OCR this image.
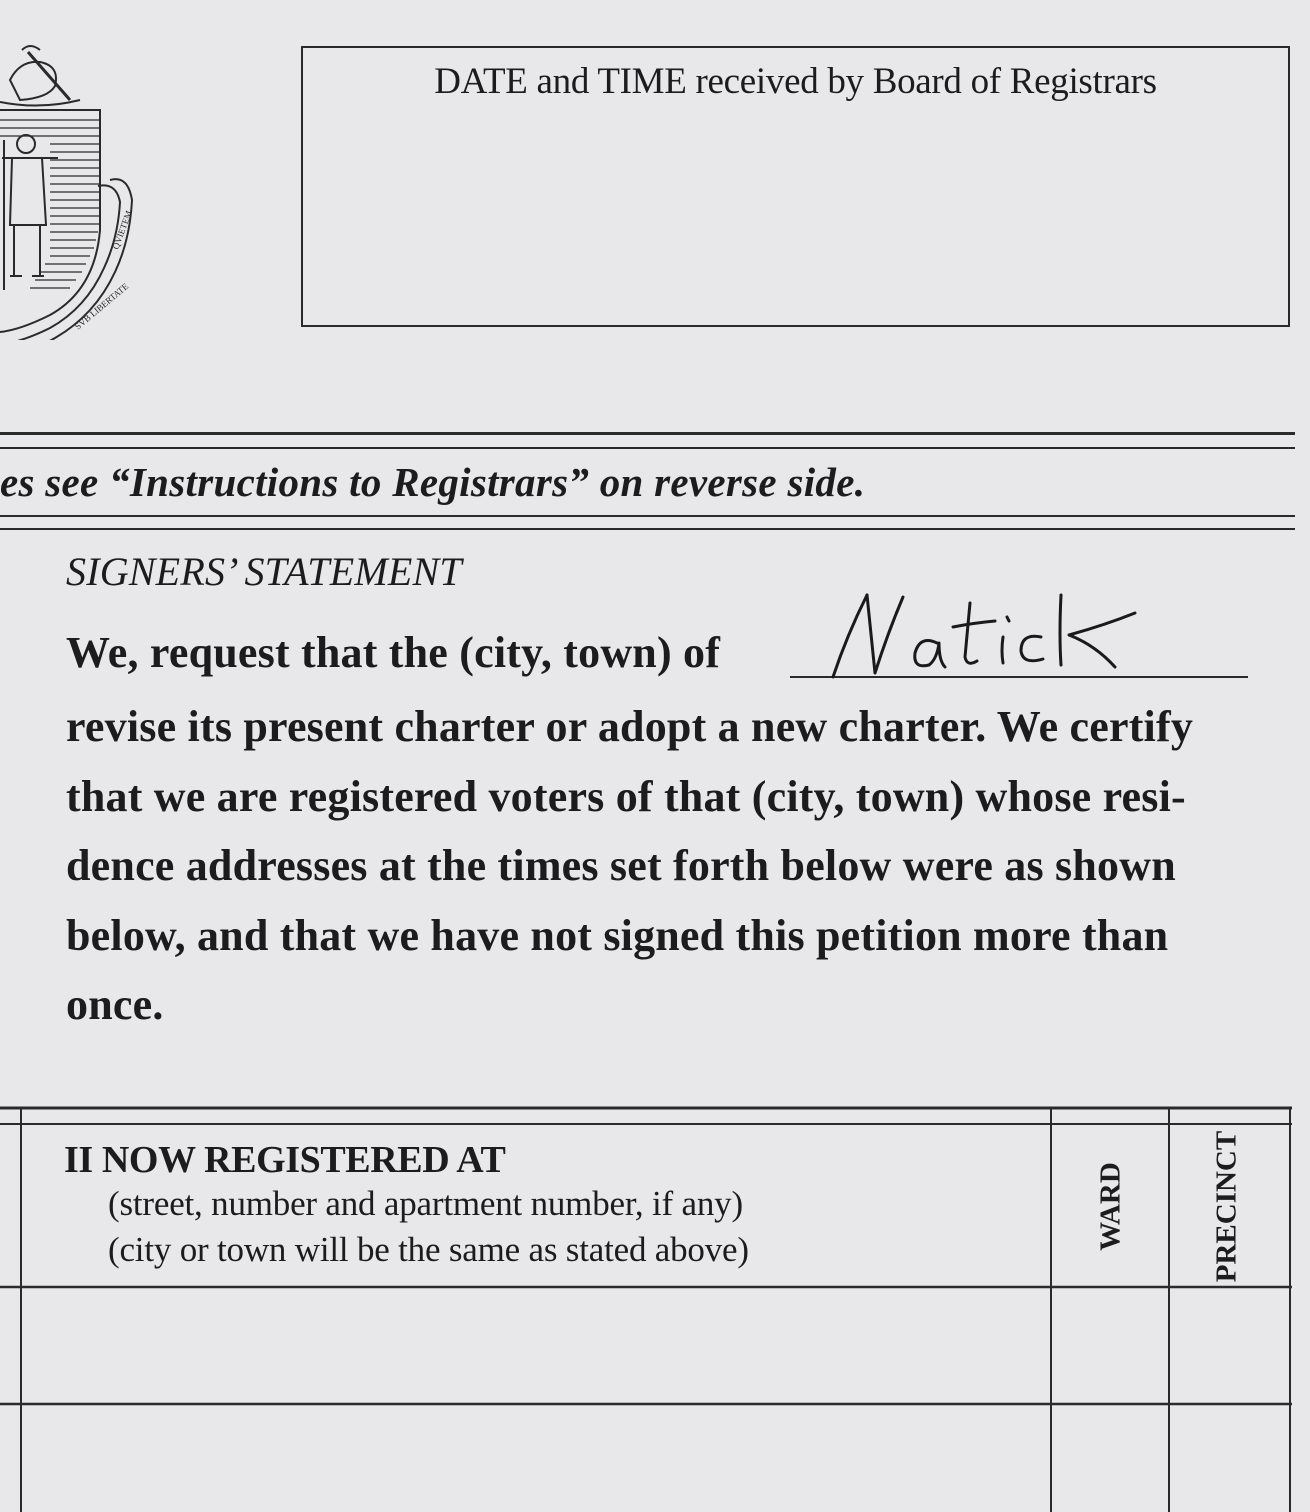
QVIETEM
SVB LIBERTATE
DATE and TIME received by Board of Registrars
es see “Instructions to Registrars” on reverse side.
SIGNERS’ STATEMENT
We, request that the (city, town) of
revise its present charter or adopt a new charter. We certify
that we are registered voters of that (city, town) whose resi-
dence addresses at the times set forth below were as shown
below, and that we have not signed this petition more than
once.
II NOW REGISTERED AT
(street, number and apartment number, if any)
(city or town will be the same as stated above)	WARD	PRECINCT
